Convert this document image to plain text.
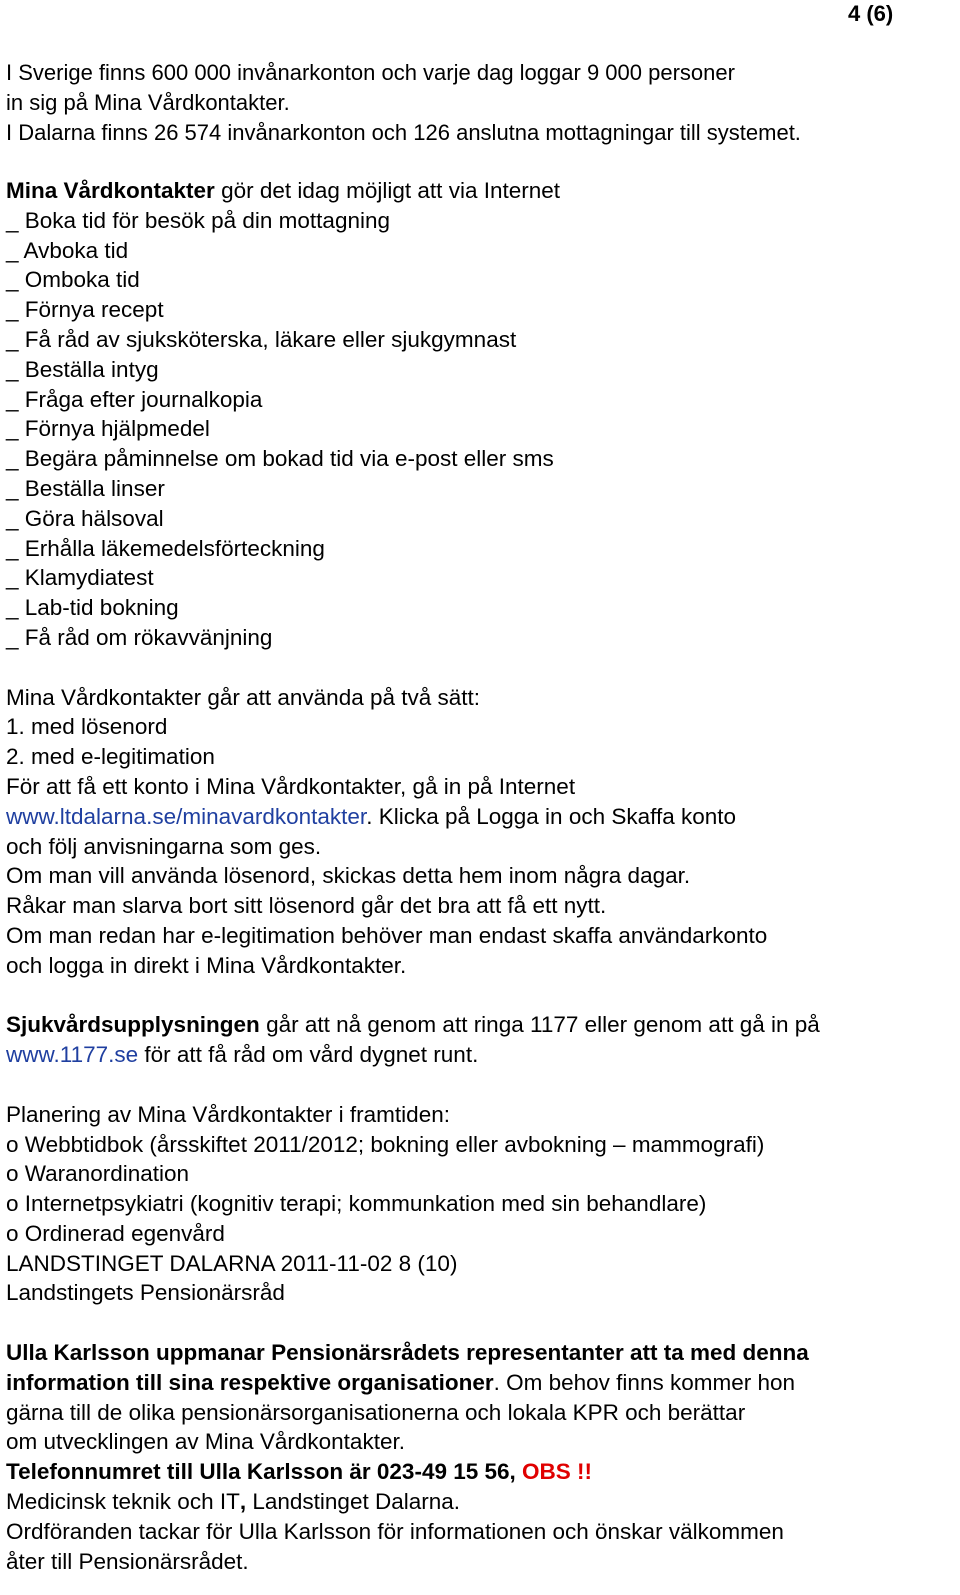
4 (6)
I Sverige finns 600 000 invånarkonton och varje dag loggar 9 000 personer
in sig på Mina Vårdkontakter.
I Dalarna finns 26 574 invånarkonton och 126 anslutna mottagningar till systemet.
Mina Vårdkontakter gör det idag möjligt att via Internet
_ Boka tid för besök på din mottagning
_ Avboka tid
_ Omboka tid
_ Förnya recept
_ Få råd av sjuksköterska, läkare eller sjukgymnast
_ Beställa intyg
_ Fråga efter journalkopia
_ Förnya hjälpmedel
_ Begära påminnelse om bokad tid via e-post eller sms
_ Beställa linser
_ Göra hälsoval
_ Erhålla läkemedelsförteckning
_ Klamydiatest
_ Lab-tid bokning
_ Få råd om rökavvänjning
Mina Vårdkontakter går att använda på två sätt:
1. med lösenord
2. med e-legitimation
För att få ett konto i Mina Vårdkontakter, gå in på Internet
www.ltdalarna.se/minavardkontakter. Klicka på Logga in och Skaffa konto
och följ anvisningarna som ges.
Om man vill använda lösenord, skickas detta hem inom några dagar.
Råkar man slarva bort sitt lösenord går det bra att få ett nytt.
Om man redan har e-legitimation behöver man endast skaffa användarkonto
och logga in direkt i Mina Vårdkontakter.
Sjukvårdsupplysningen går att nå genom att ringa 1177 eller genom att gå in på
www.1177.se för att få råd om vård dygnet runt.
Planering av Mina Vårdkontakter i framtiden:
o Webbtidbok (årsskiftet 2011/2012; bokning eller avbokning – mammografi)
o Waranordination
o Internetpsykiatri (kognitiv terapi; kommunkation med sin behandlare)
o Ordinerad egenvård
LANDSTINGET DALARNA 2011-11-02 8 (10)
Landstingets Pensionärsråd
Ulla Karlsson uppmanar Pensionärsrådets representanter att ta med denna
information till sina respektive organisationer. Om behov finns kommer hon
gärna till de olika pensionärsorganisationerna och lokala KPR och berättar
om utvecklingen av Mina Vårdkontakter.
Telefonnumret till Ulla Karlsson är 023-49 15 56, OBS !!
Medicinsk teknik och IT, Landstinget Dalarna.
Ordföranden tackar för Ulla Karlsson för informationen och önskar välkommen
åter till Pensionärsrådet.
